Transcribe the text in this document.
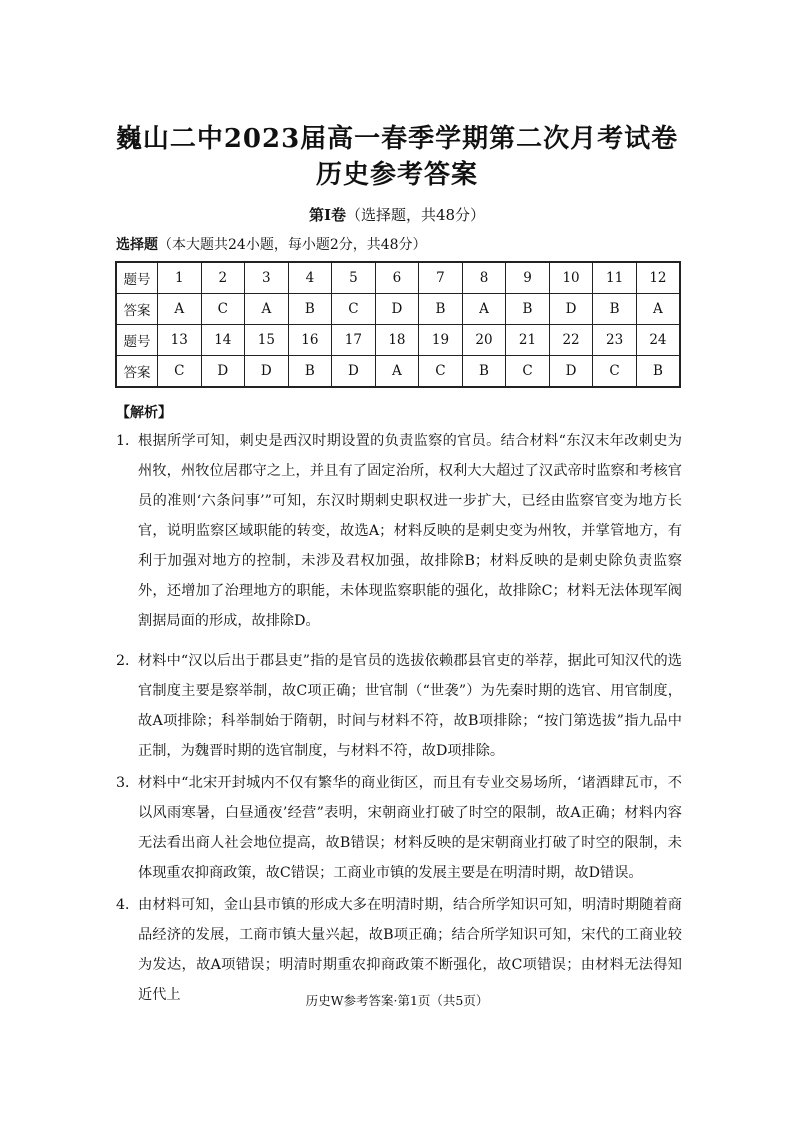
巍山二中2023届高一春季学期第二次月考试卷
历史参考答案
第Ⅰ卷（选择题，共48分）
选择题（本大题共24小题，每小题2分，共48分）
题号	1	2	3	4	5	6	7	8	9	10	11	12
答案	A	C	A	B	C	D	B	A	B	D	B	A
题号	13	14	15	16	17	18	19	20	21	22	23	24
答案	C	D	D	B	D	A	C	B	C	D	C	B
【解析】
1．
根据所学可知，刺史是西汉时期设置的负责监察的官员。结合材料“东汉末年改刺史为州牧，州牧位居郡守之上，并且有了固定治所，权利大大超过了汉武帝时监察和考核官员的准则‘六条问事’”可知，东汉时期刺史职权进一步扩大，已经由监察官变为地方长官，说明监察区域职能的转变，故选A；材料反映的是刺史变为州牧，并掌管地方，有利于加强对地方的控制，未涉及君权加强，故排除B；材料反映的是刺史除负责监察外，还增加了治理地方的职能，未体现监察职能的强化，故排除C；材料无法体现军阀割据局面的形成，故排除D。
2．
材料中“汉以后出于郡县吏”指的是官员的选拔依赖郡县官吏的举荐，据此可知汉代的选官制度主要是察举制，故C项正确；世官制（“世袭”）为先秦时期的选官、用官制度，故A项排除；科举制始于隋朝，时间与材料不符，故B项排除；“按门第选拔”指九品中正制，为魏晋时期的选官制度，与材料不符，故D项排除。
3．
材料中“北宋开封城内不仅有繁华的商业街区，而且有专业交易场所，‘诸酒肆瓦市，不以风雨寒暑，白昼通夜’经营”表明，宋朝商业打破了时空的限制，故A正确；材料内容无法看出商人社会地位提高，故B错误；材料反映的是宋朝商业打破了时空的限制，未体现重农抑商政策，故C错误；工商业市镇的发展主要是在明清时期，故D错误。
4．
由材料可知，金山县市镇的形成大多在明清时期，结合所学知识可知，明清时期随着商品经济的发展，工商市镇大量兴起，故B项正确；结合所学知识可知，宋代的工商业较为发达，故A项错误；明清时期重农抑商政策不断强化，故C项错误；由材料无法得知近代上	历史W参考答案·第1页（共5页）
